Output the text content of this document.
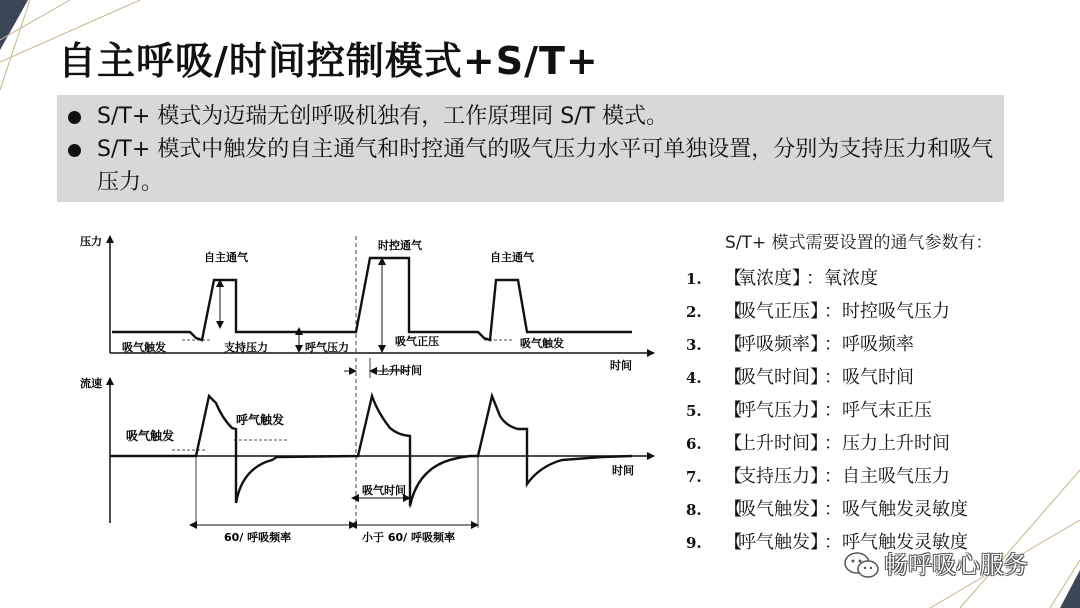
自主呼吸/时间控制模式+S/T+
S/T+ 模式为迈瑞无创呼吸机独有，工作原理同 S/T 模式。
S/T+ 模式中触发的自主通气和时控通气的吸气压力水平可单独设置，分别为支持压力和吸气压力。
压力
时间
自主通气
时控通气
自主通气
吸气触发	支持压力	呼气压力	吸气正压	吸气触发
上升时间
流速
时间
吸气触发
呼气触发
吸气时间
60/ 呼吸频率	小于 60/ 呼吸频率
S/T+ 模式需要设置的通气参数有：
1. 【氧浓度】：氧浓度
2. 【吸气正压】：时控吸气压力
3. 【呼吸频率】：呼吸频率
4. 【吸气时间】：吸气时间
5. 【呼气压力】：呼气末正压
6. 【上升时间】：压力上升时间
7. 【支持压力】：自主吸气压力
8. 【吸气触发】：吸气触发灵敏度
9. 【呼气触发】：呼气触发灵敏度
畅呼吸心服务
